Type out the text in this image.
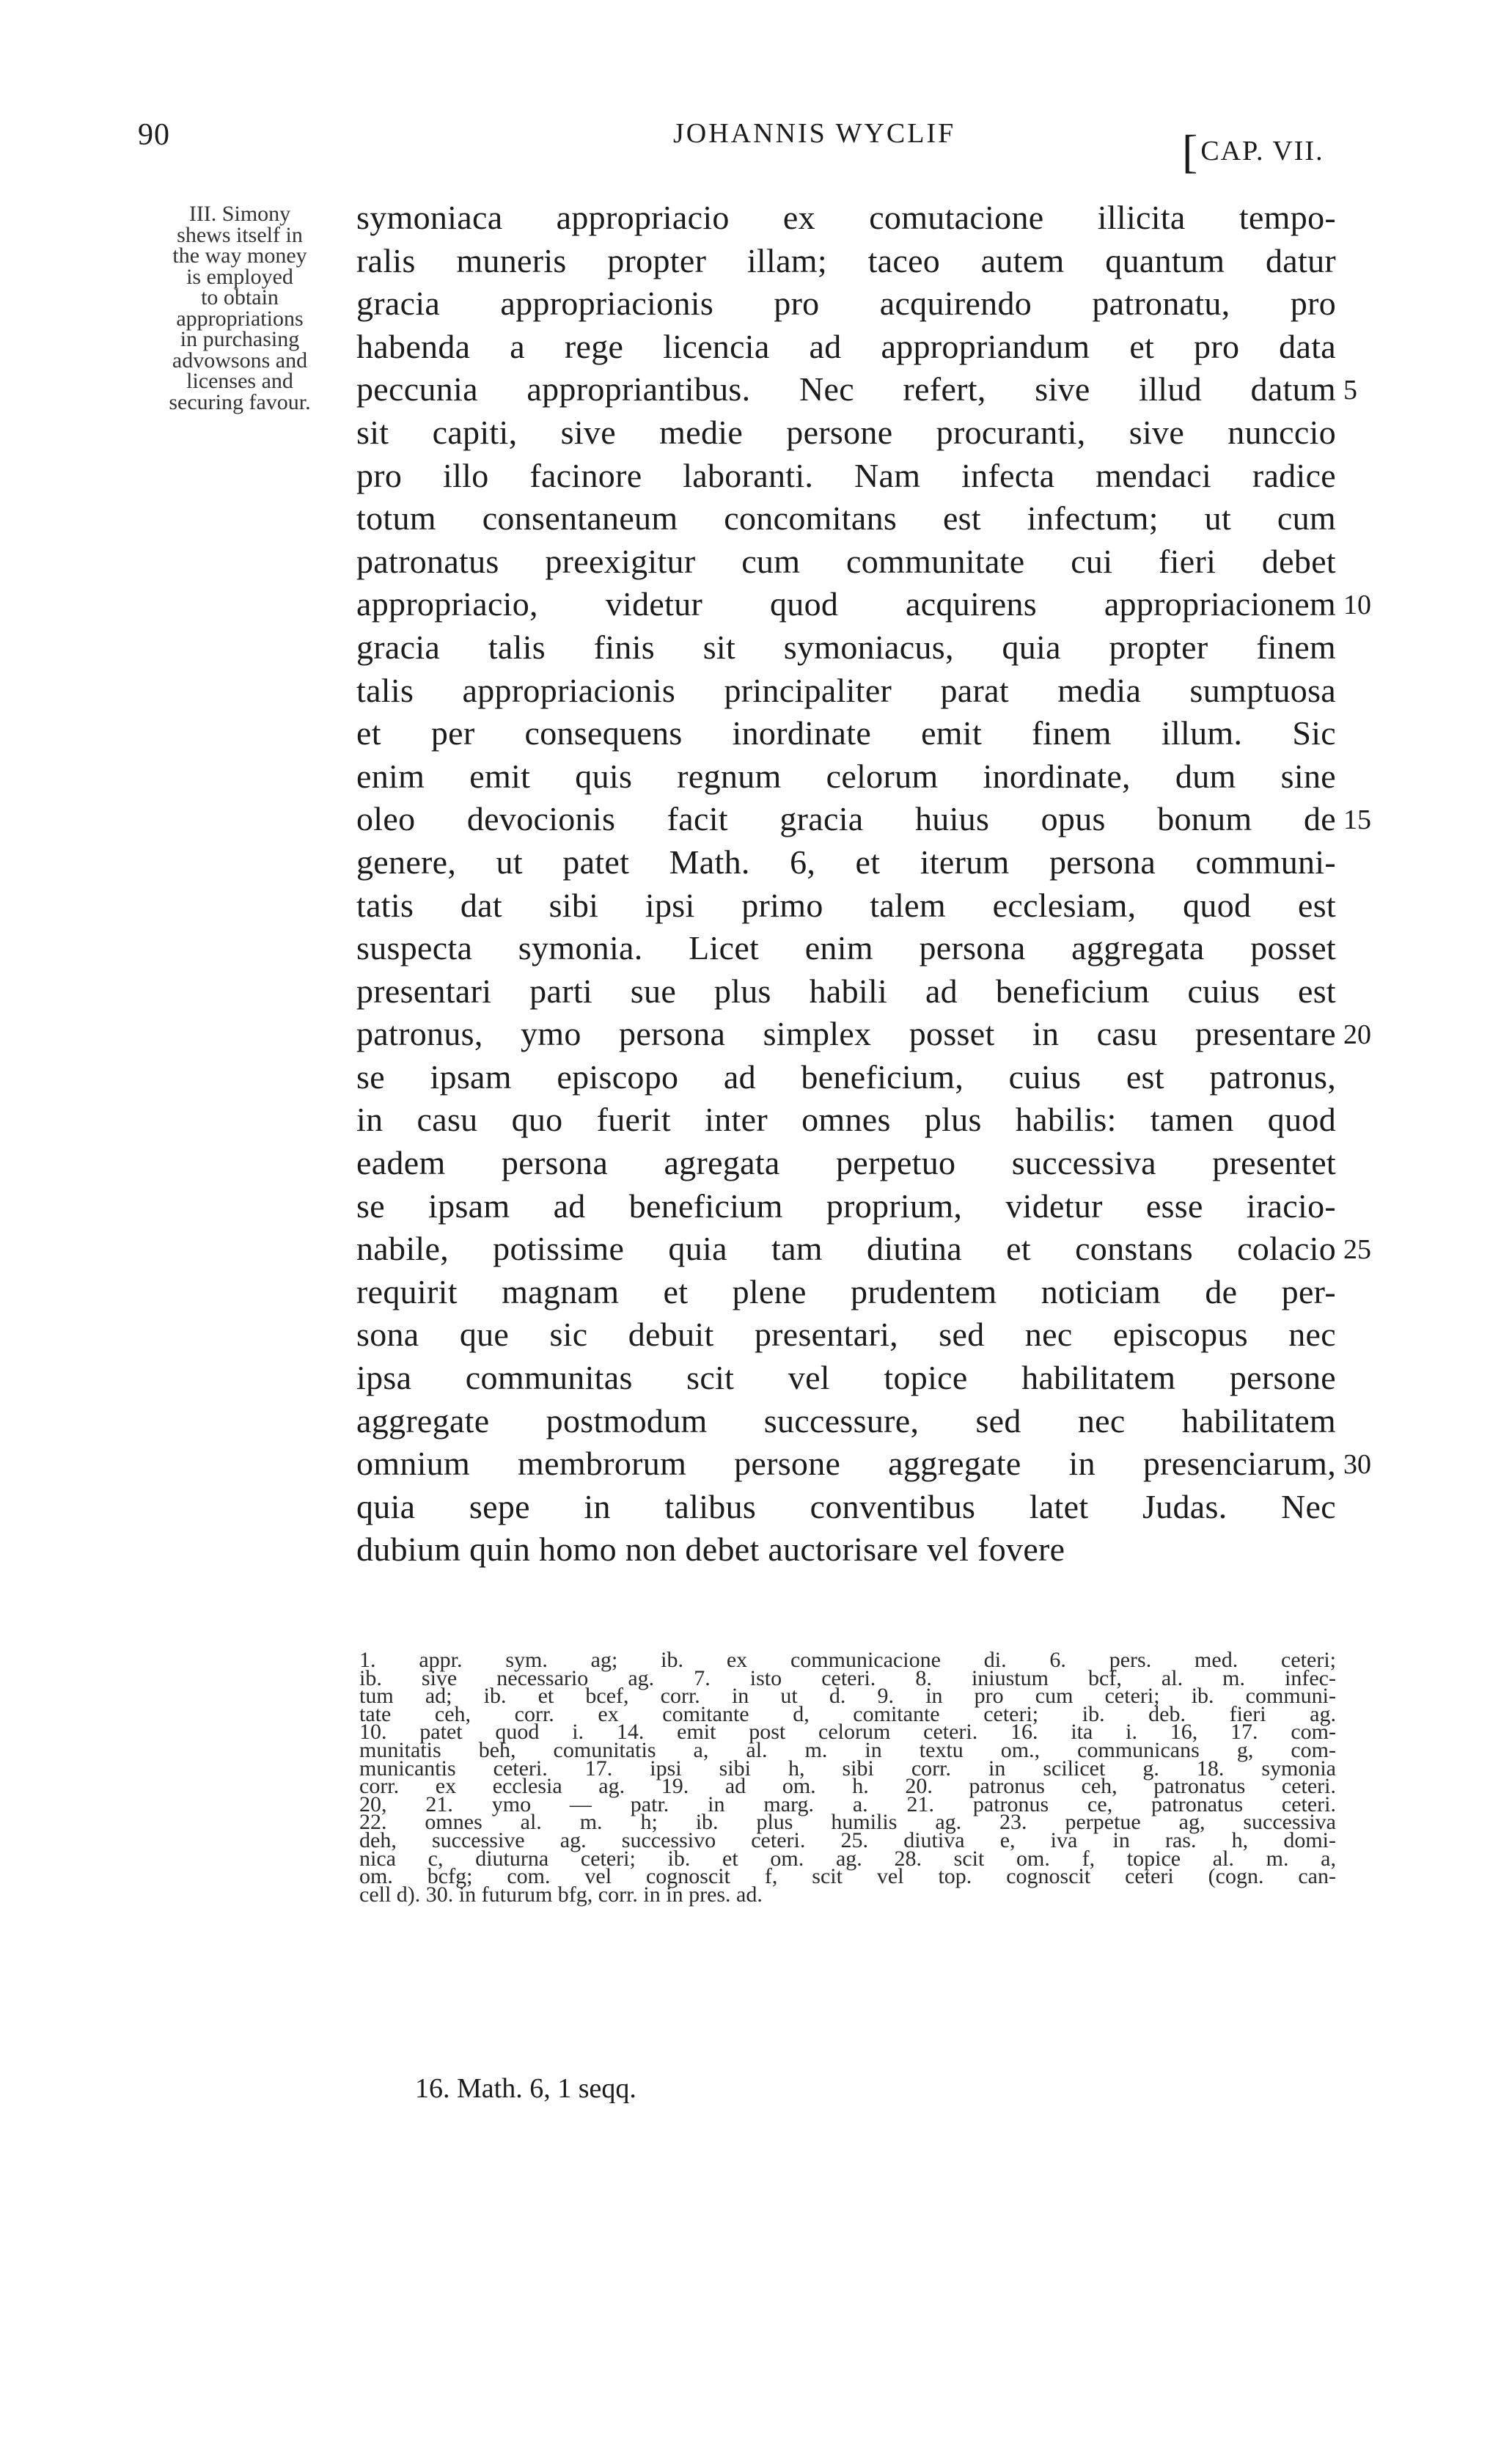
90	JOHANNIS WYCLIF	[CAP. VII.
III. Simony
shews itself in
the way money
is employed
to obtain
appropriations
in purchasing
advowsons and
licenses and
securing favour.
symoniaca appropriacio ex comutacione illicita tempo-
ralis muneris propter illam; taceo autem quantum datur
gracia appropriacionis pro acquirendo patronatu, pro
habenda a rege licencia ad appropriandum et pro data
peccunia appropriantibus. Nec refert, sive illud datum
sit capiti, sive medie persone procuranti, sive nunccio
pro illo facinore laboranti. Nam infecta mendaci radice
totum consentaneum concomitans est infectum; ut cum
patronatus preexigitur cum communitate cui fieri debet
appropriacio, videtur quod acquirens appropriacionem
gracia talis finis sit symoniacus, quia propter finem
talis appropriacionis principaliter parat media sumptuosa
et per consequens inordinate emit finem illum. Sic
enim emit quis regnum celorum inordinate, dum sine
oleo devocionis facit gracia huius opus bonum de
genere, ut patet Math. 6, et iterum persona communi-
tatis dat sibi ipsi primo talem ecclesiam, quod est
suspecta symonia. Licet enim persona aggregata posset
presentari parti sue plus habili ad beneficium cuius est
patronus, ymo persona simplex posset in casu presentare
se ipsam episcopo ad beneficium, cuius est patronus,
in casu quo fuerit inter omnes plus habilis: tamen quod
eadem persona agregata perpetuo successiva presentet
se ipsam ad beneficium proprium, videtur esse iracio-
nabile, potissime quia tam diutina et constans colacio
requirit magnam et plene prudentem noticiam de per-
sona que sic debuit presentari, sed nec episcopus nec
ipsa communitas scit vel topice habilitatem persone
aggregate postmodum successure, sed nec habilitatem
omnium membrorum persone aggregate in presenciarum,
quia sepe in talibus conventibus latet Judas. Nec
dubium quin homo non debet auctorisare vel fovere
5
10
15
20
25
30
1. appr. sym. ag; ib. ex communicacione di. 6. pers. med. ceteri;
ib. sive necessario ag. 7. isto ceteri. 8. iniustum bcf, al. m. infec-
tum ad; ib. et bcef, corr. in ut d. 9. in pro cum ceteri; ib. communi-
tate ceh, corr. ex comitante d, comitante ceteri; ib. deb. fieri ag.
10. patet quod i. 14. emit post celorum ceteri. 16. ita i. 16, 17. com-
munitatis beh, comunitatis a, al. m. in textu om., communicans g, com-
municantis ceteri. 17. ipsi sibi h, sibi corr. in scilicet g. 18. symonia
corr. ex ecclesia ag. 19. ad om. h. 20. patronus ceh, patronatus ceteri.
20, 21. ymo — patr. in marg. a. 21. patronus ce, patronatus ceteri.
22. omnes al. m. h; ib. plus humilis ag. 23. perpetue ag, successiva
deh, successive ag. successivo ceteri. 25. diutiva e, iva in ras. h, domi-
nica c, diuturna ceteri; ib. et om. ag. 28. scit om. f, topice al. m. a,
om. bcfg; com. vel cognoscit f, scit vel top. cognoscit ceteri (cogn. can-
cell d). 30. in futurum bfg, corr. in in pres. ad.
16. Math. 6, 1 seqq.
